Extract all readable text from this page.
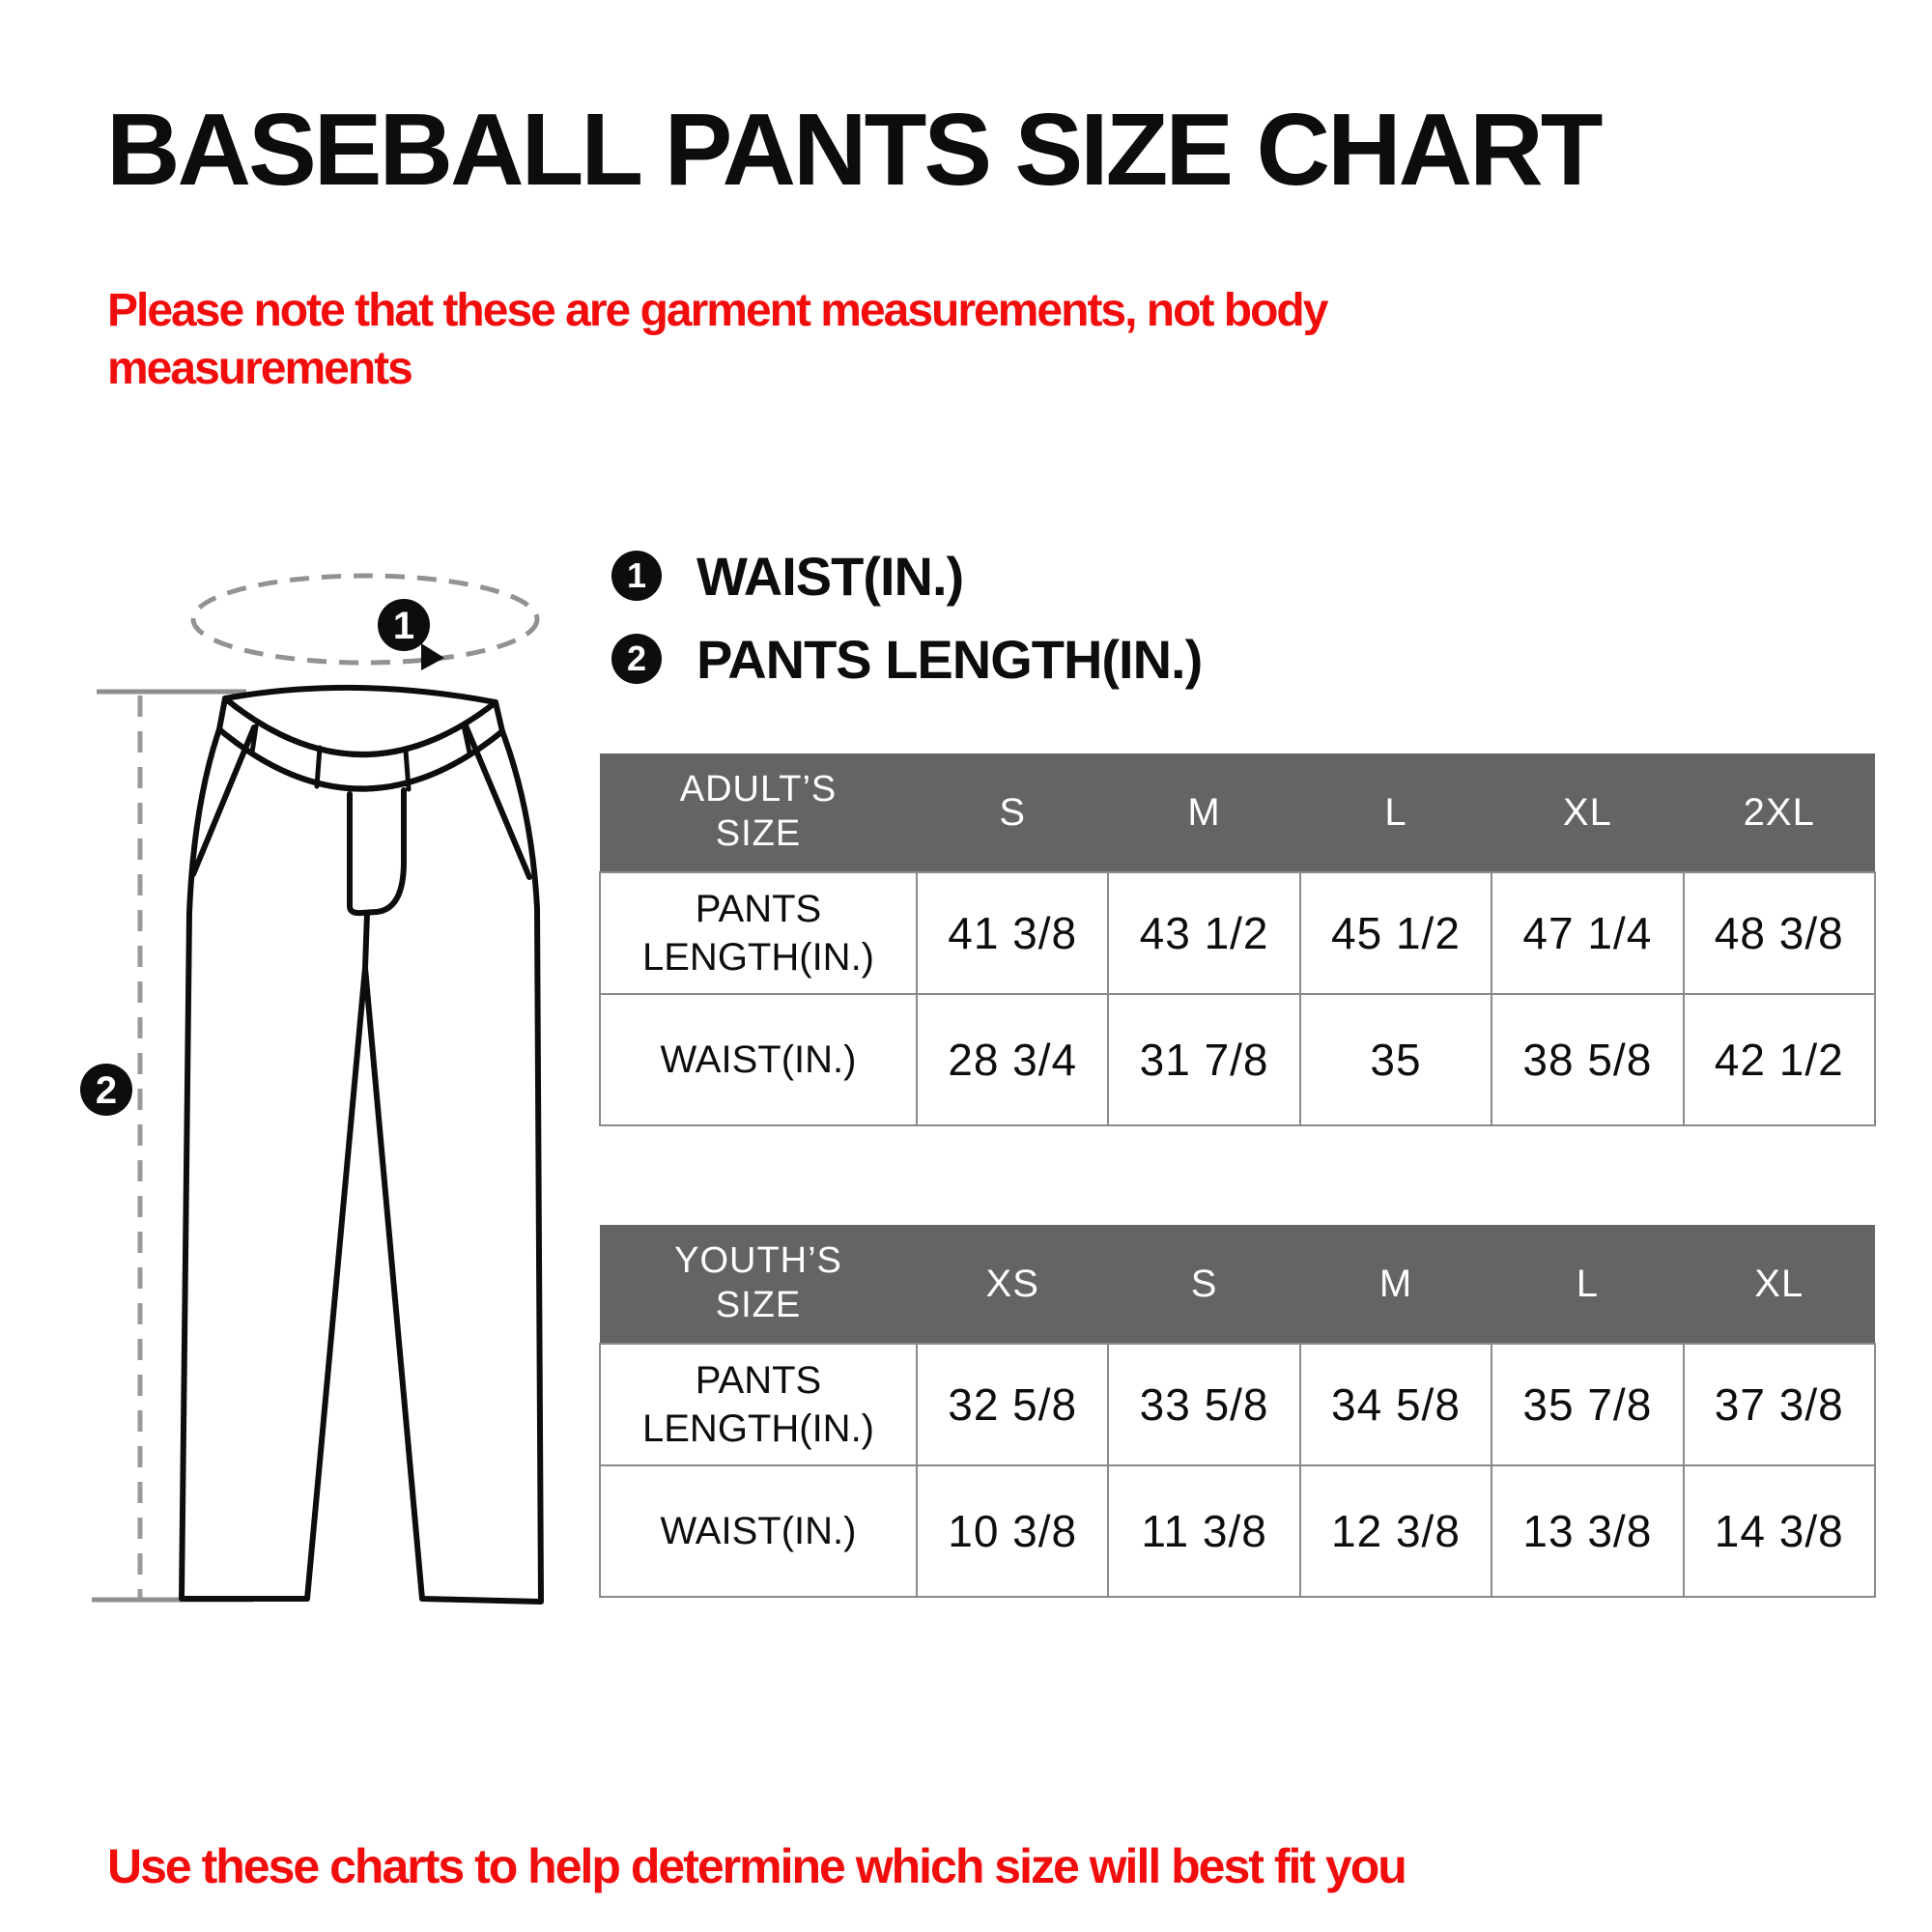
BASEBALL PANTS SIZE CHART

Please note that these are garment measurements, not body measurements

1
2
1 WAIST(IN.)
2 PANTS LENGTH(IN.)
ADULT’S SIZE	S	M	L	XL	2XL
PANTS LENGTH(IN.)	41 3/8	43 1/2	45 1/2	47 1/4	48 3/8
WAIST(IN.)	28 3/4	31 7/8	35	38 5/8	42 1/2
YOUTH’S SIZE	XS	S	M	L	XL
PANTS LENGTH(IN.)	32 5/8	33 5/8	34 5/8	35 7/8	37 3/8
WAIST(IN.)	10 3/8	11 3/8	12 3/8	13 3/8	14 3/8

Use these charts to help determine which size will best fit you
